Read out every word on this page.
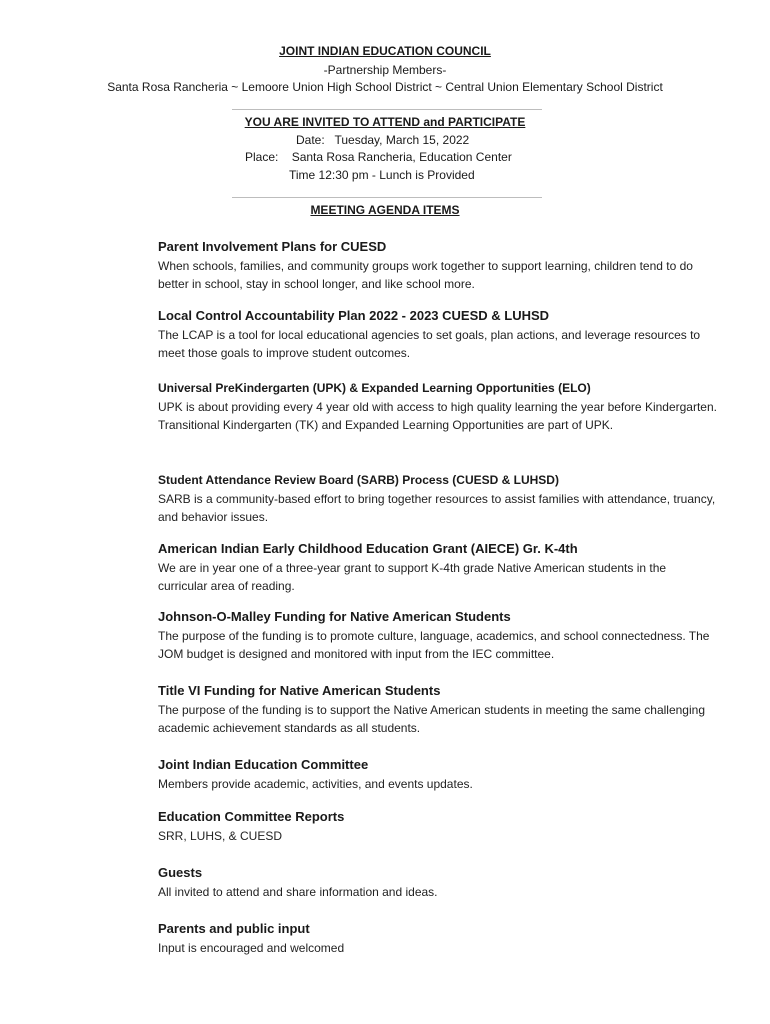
JOINT INDIAN EDUCATION COUNCIL
-Partnership Members-
Santa Rosa Rancheria ~ Lemoore Union High School District ~ Central Union Elementary School District
YOU ARE INVITED TO ATTEND and PARTICIPATE
Date:   Tuesday, March 15, 2022
Place:    Santa Rosa Rancheria, Education Center
Time 12:30 pm - Lunch is Provided
MEETING AGENDA ITEMS

Parent Involvement Plans for CUESD

When schools, families, and community groups work together to support learning, children tend to do better in school, stay in school longer, and like school more.

Local Control Accountability Plan 2022 - 2023 CUESD & LUHSD

The LCAP is a tool for local educational agencies to set goals, plan actions, and leverage resources to meet those goals to improve student outcomes.

Universal PreKindergarten (UPK) & Expanded Learning Opportunities (ELO)

UPK is about providing every 4 year old with access to high quality learning the year before Kindergarten. Transitional Kindergarten (TK) and Expanded Learning Opportunities are part of UPK.

Student Attendance Review Board (SARB) Process (CUESD & LUHSD)

SARB is a community-based effort to bring together resources to assist families with attendance, truancy, and behavior issues.

American Indian Early Childhood Education Grant (AIECE) Gr. K-4th

We are in year one of a three-year grant to support K-4th grade Native American students in the curricular area of reading.

Johnson-O-Malley Funding for Native American Students

The purpose of the funding is to promote culture, language, academics, and school connectedness. The JOM budget is designed and monitored with input from the IEC committee.

Title VI Funding for Native American Students

The purpose of the funding is to support the Native American students in meeting the same challenging academic achievement standards as all students.

Joint Indian Education Committee

Members provide academic, activities, and events updates.

Education Committee Reports

SRR, LUHS, & CUESD

Guests

All invited to attend and share information and ideas.

Parents and public input

Input is encouraged and welcomed
